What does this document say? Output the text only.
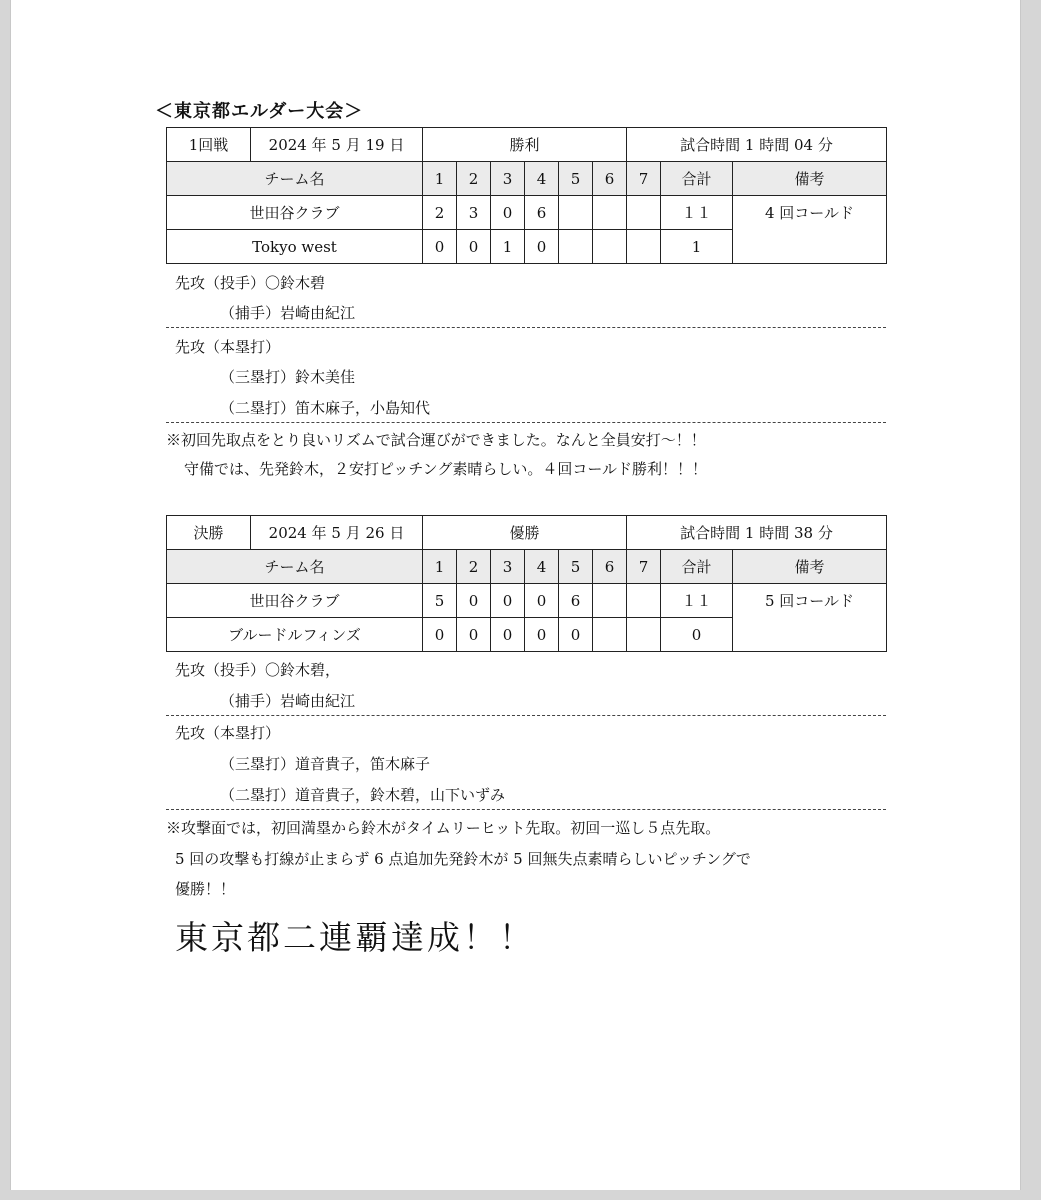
＜東京都エルダー大会＞
1回戦	2024 年 5 月 19 日	勝利						試合時間 1 時間 04 分		
チーム名		1	2	3	4	5	6	7	合計	備考
世田谷クラブ		2	3	0	6				１１	4 回コールド
Tokyo west		0	0	1	0				1	
先攻（投手）〇鈴木碧
（捕手）岩崎由紀江
先攻（本塁打）
（三塁打）鈴木美佳
（二塁打）笛木麻子，小島知代
※初回先取点をとり良いリズムで試合運びができました。なんと全員安打～！！
守備では、先発鈴木，２安打ピッチング素晴らしい。４回コールド勝利！！！
決勝	2024 年 5 月 26 日	優勝						試合時間 1 時間 38 分		
チーム名		1	2	3	4	5	6	7	合計	備考
世田谷クラブ		5	0	0	0	6			１１	5 回コールド
ブルードルフィンズ		0	0	0	0	0			0	
先攻（投手）〇鈴木碧，
（捕手）岩崎由紀江
先攻（本塁打）
（三塁打）道音貴子，笛木麻子
（二塁打）道音貴子，鈴木碧，山下いずみ
※攻撃面では，初回満塁から鈴木がタイムリーヒット先取。初回一巡し５点先取。
5 回の攻撃も打線が止まらず 6 点追加先発鈴木が 5 回無失点素晴らしいピッチングで
優勝！！
東京都二連覇達成！！
